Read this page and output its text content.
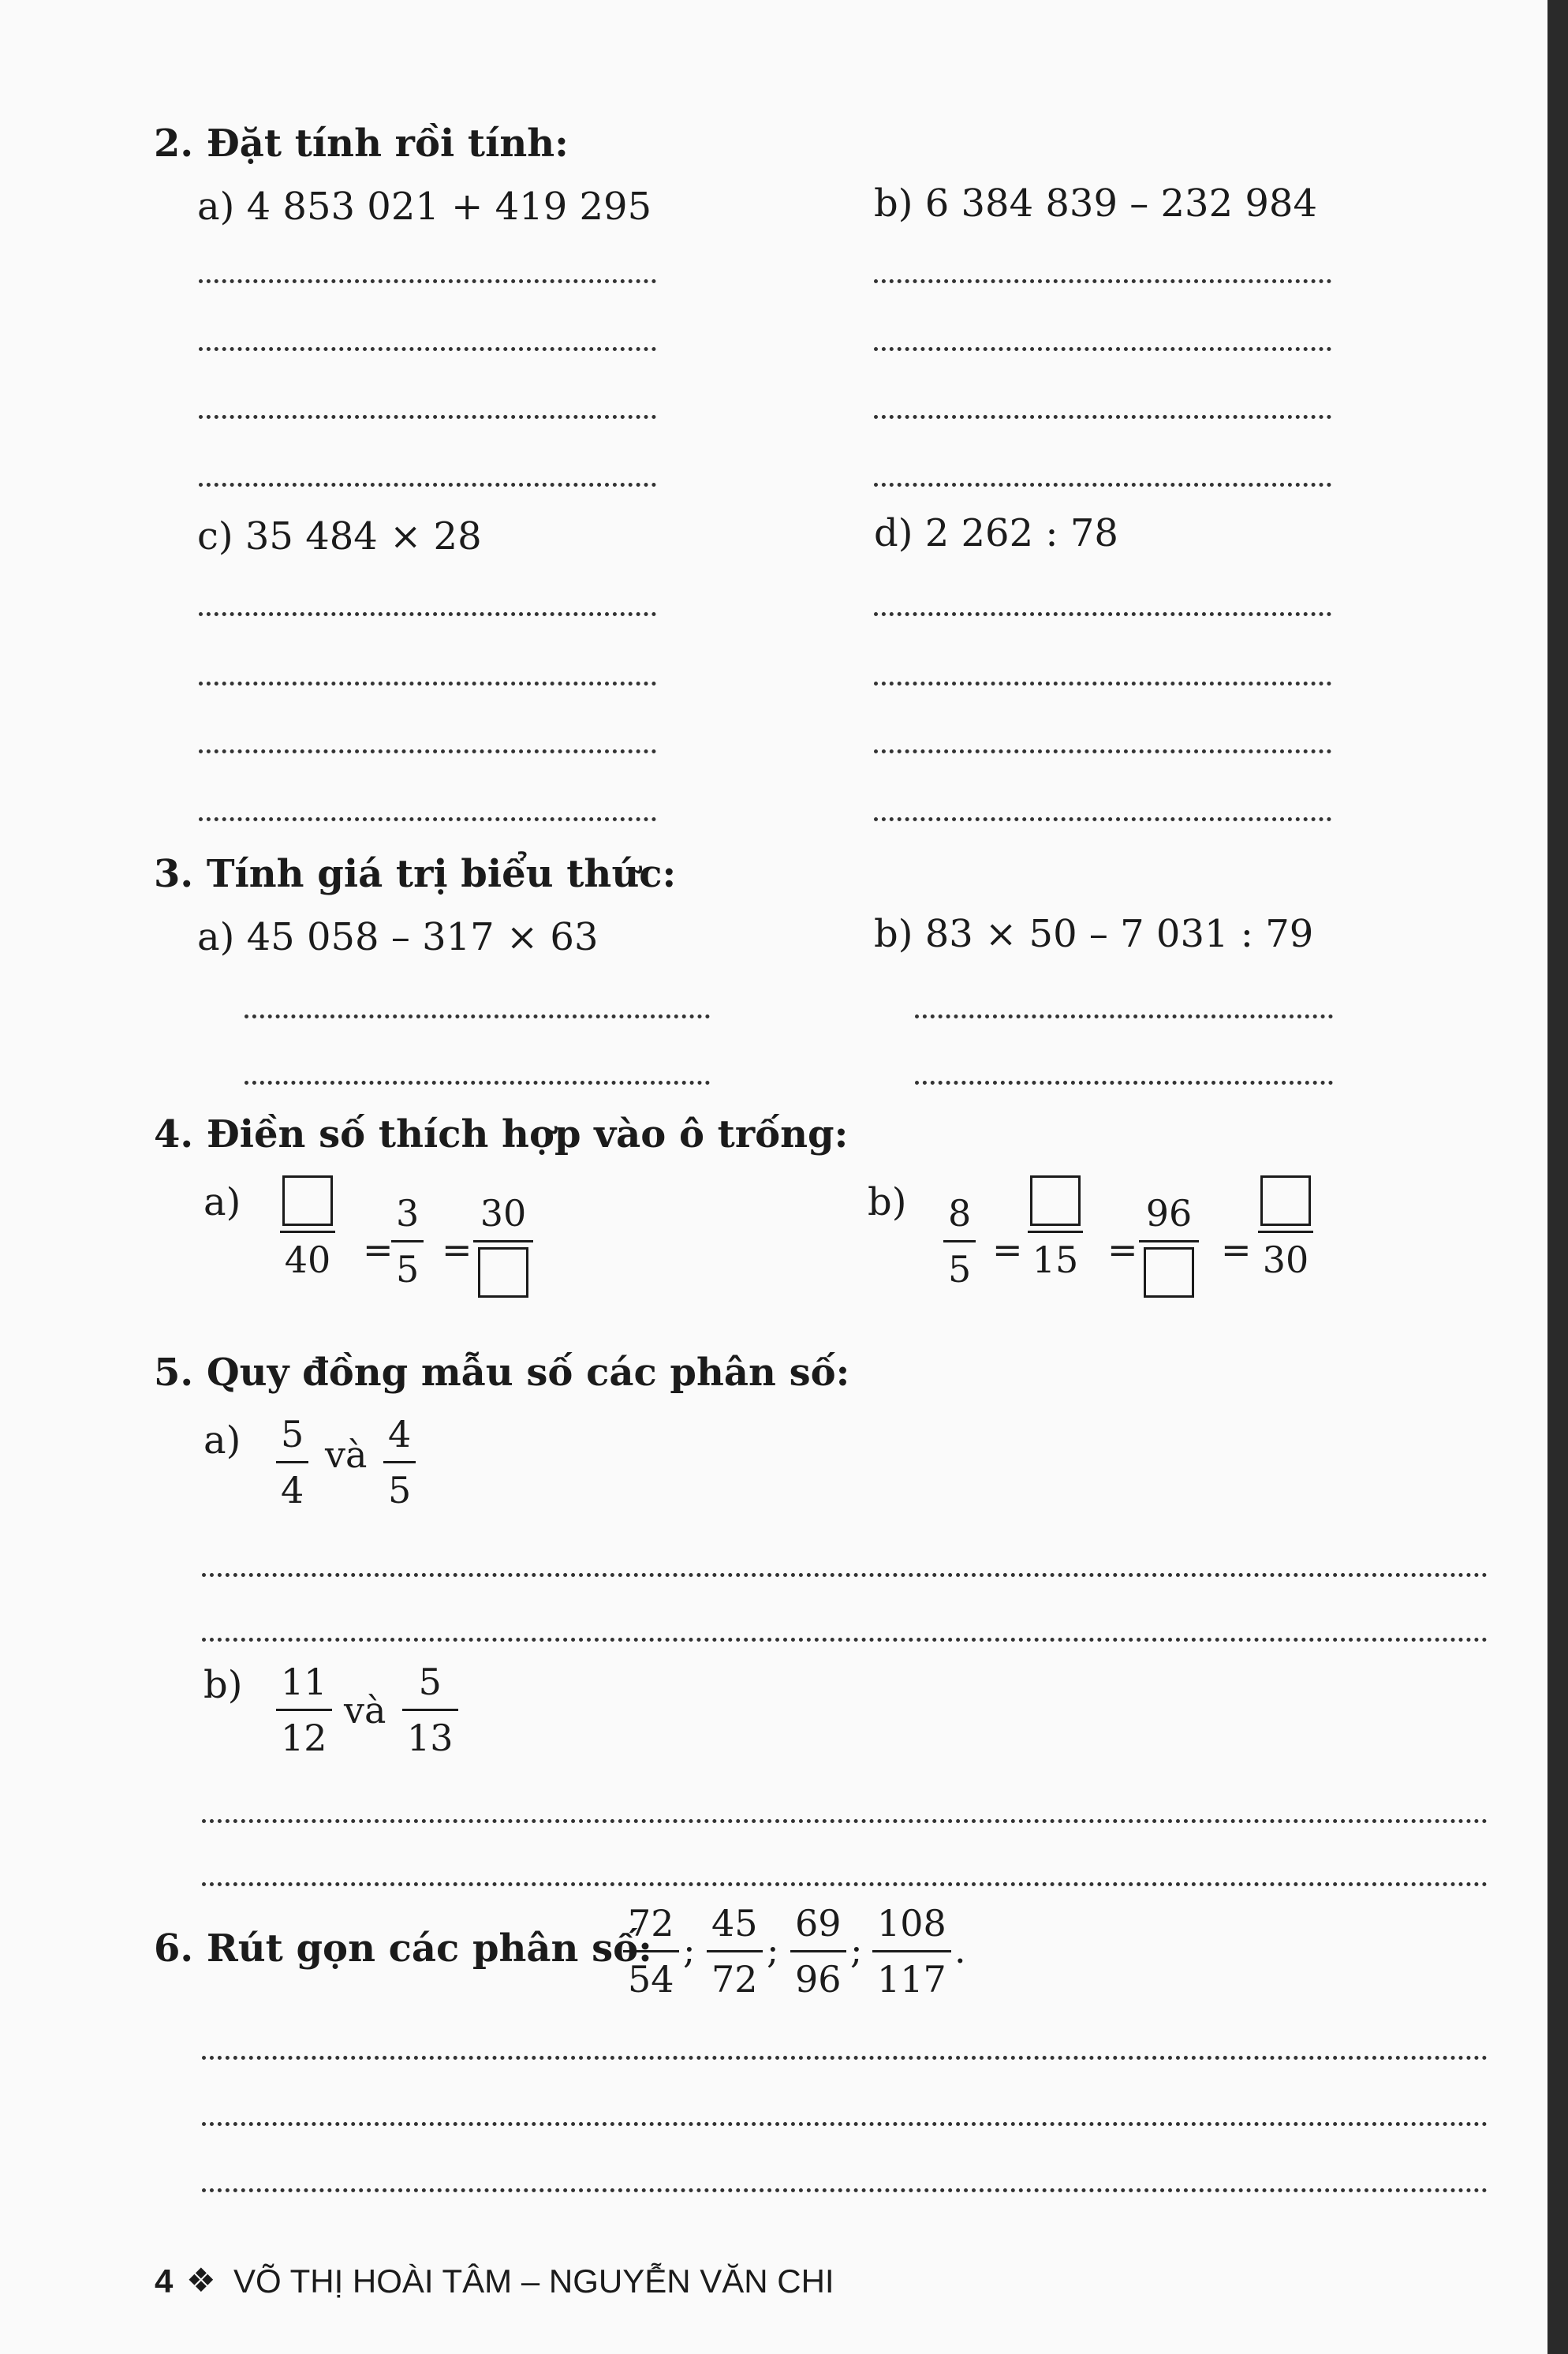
2. Đặt tính rồi tính:
a) 4 853 021 + 419 295	b) 6 384 839 – 232 984
c) 35 484 × 28	d) 2 262 : 78
3. Tính giá trị biểu thức:
a) 45 058 – 317 × 63	b) 83 × 50 – 7 031 : 79
4. Điền số thích hợp vào ô trống:
a)
40 =
$\frac{3}{5}$ =
30	$b) \frac{8}{5} = 15$ =
96
= 30
5. Quy đồng mẫu số các phân số:
$a) \frac{5}{4}$ và $\frac{4}{5}$
$b) \frac{11}{12}$ và $\frac{5}{13}$
6. Rút gọn các phân số:
$\frac{72}{54}$ ; $\frac{45}{72}$ ; $\frac{69}{96}$ ; $\frac{108}{117}$ .
4 ❖ VÕ THỊ HOÀI TÂM – NGUYỄN VĂN CHI
